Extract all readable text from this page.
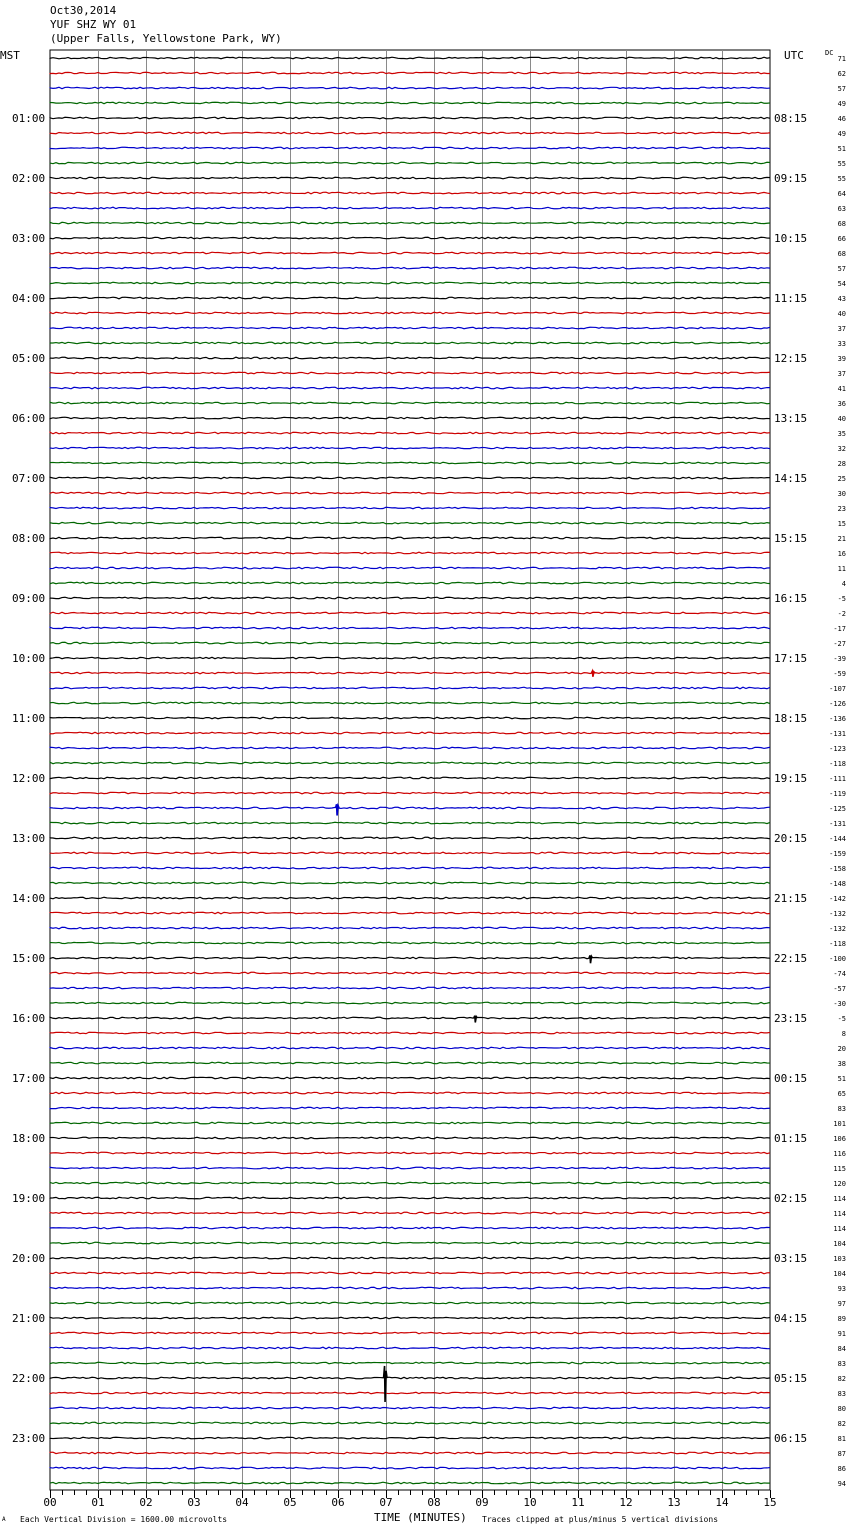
Oct30,2014
YUF SHZ WY 01
(Upper Falls, Yellowstone Park, WY)
MST	UTC	DC
71
62
57
49
46
49
51
55
55
64
63
68
66
68
57
54
43
40
37
33
39
37
41
36
40
35
32
28
25
30
23
15
21
16
11
4
-5
-2
-17
-27
-39
-59
-107
-126
-136
-131
-123
-118
-111
-119
-125
-131
-144
-159
-158
-148
-142
-132
-132
-118
-100
-74
-57
-30
-5
8
20
38
51
65
83
101
106
116
115
120
114
114
114
104
103
104
93
97
89
91
84
83
82
83
80
82
81
87
86
94
01:00
02:00
03:00
04:00
05:00
06:00
07:00
08:00
09:00
10:00
11:00
12:00
13:00
14:00
15:00
16:00
17:00
18:00
19:00
20:00
21:00
22:00
23:00
08:15
09:15
10:15
11:15
12:15
13:15
14:15
15:15
16:15
17:15
18:15
19:15
20:15
21:15
22:15
23:15
00:15
01:15
02:15
03:15
04:15
05:15
06:15
00	01	02	03	04	05	06	07	08	09	10	11	12	13	14	15
A Each Vertical Division = 1600.00 microvolts	TIME (MINUTES) Traces clipped at plus/minus 5 vertical divisions
